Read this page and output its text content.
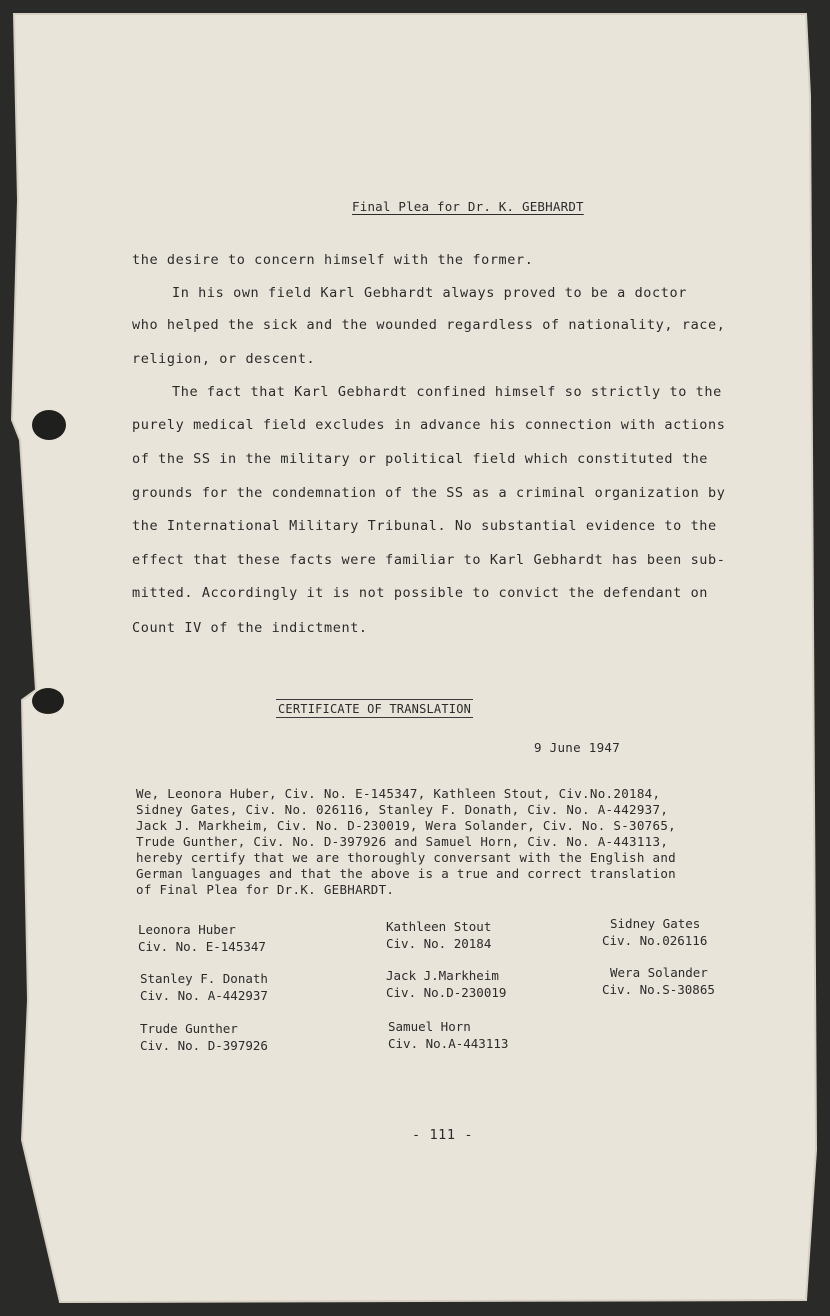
Final Plea for Dr. K. GEBHARDT
the desire to concern himself with the former.
In his own field Karl Gebhardt always proved to be a doctor
who helped the sick and the wounded regardless of nationality, race,
religion, or descent.
The fact that Karl Gebhardt confined himself so strictly to the
purely medical field excludes in advance his connection with actions
of the SS in the military or political field which constituted the
grounds for the condemnation of the SS as a criminal organization by
the International Military Tribunal. No substantial evidence to the
effect that these facts were familiar to Karl Gebhardt has been sub-
mitted. Accordingly it is not possible to convict the defendant on
Count IV of the indictment.
CERTIFICATE OF TRANSLATION
9 June 1947
We, Leonora Huber, Civ. No. E-145347, Kathleen Stout, Civ.No.20184,
Sidney Gates, Civ. No. 026116, Stanley F. Donath, Civ. No. A-442937,
Jack J. Markheim, Civ. No. D-230019, Wera Solander, Civ. No. S-30765,
Trude Gunther, Civ. No. D-397926 and Samuel Horn, Civ. No. A-443113,
hereby certify that we are thoroughly conversant with the English and
German languages and that the above is a true and correct translation
of Final Plea for Dr.K. GEBHARDT.
Leonora Huber
Civ. No. E-145347
Kathleen Stout
Civ. No. 20184
Sidney Gates
Civ. No.026116
Stanley F. Donath
Civ. No. A-442937
Jack J.Markheim
Civ. No.D-230019
Wera Solander
Civ. No.S-30865
Trude Gunther
Civ. No. D-397926
Samuel Horn
Civ. No.A-443113
- 111 -
